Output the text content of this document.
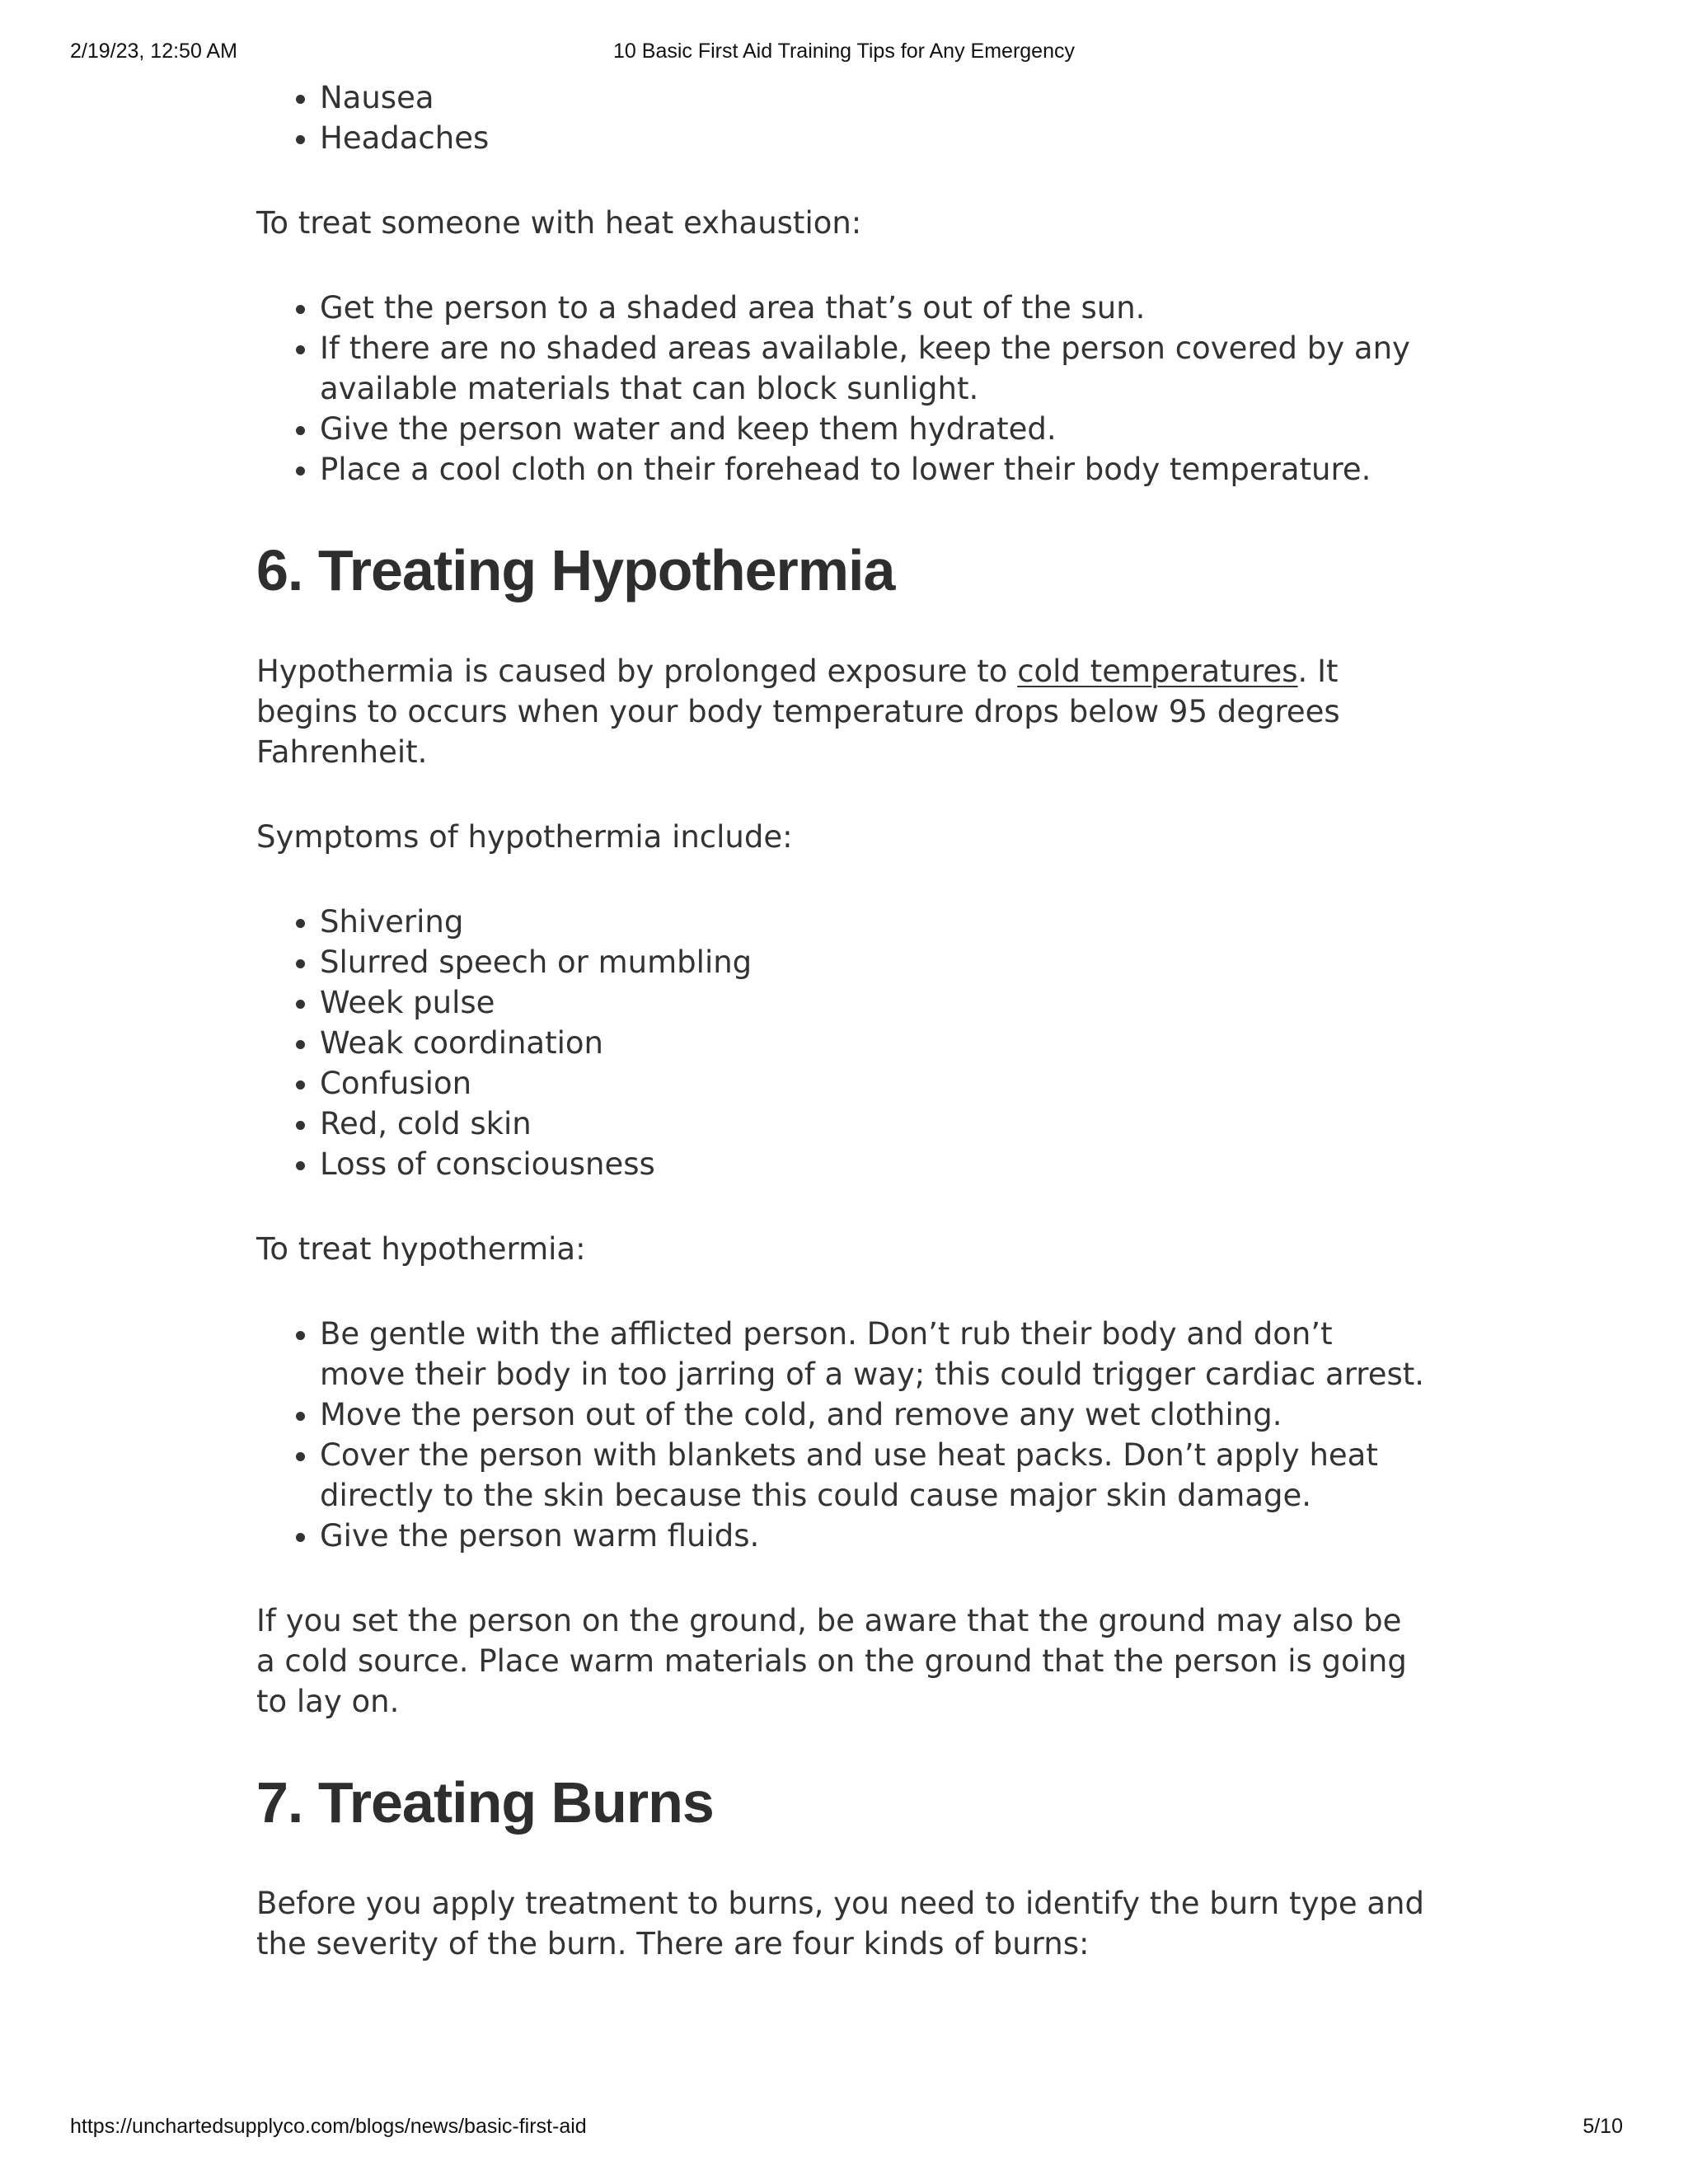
2/19/23, 12:50 AM	10 Basic First Aid Training Tips for Any Emergency
• Nausea
• Headaches

To treat someone with heat exhaustion:

• Get the person to a shaded area that’s out of the sun.
• If there are no shaded areas available, keep the person covered by any available materials that can block sunlight.
• Give the person water and keep them hydrated.
• Place a cool cloth on their forehead to lower their body temperature.
6. Treating Hypothermia

Hypothermia is caused by prolonged exposure to cold temperatures. It begins to occurs when your body temperature drops below 95 degrees Fahrenheit.

Symptoms of hypothermia include:

• Shivering
• Slurred speech or mumbling
• Week pulse
• Weak coordination
• Confusion
• Red, cold skin
• Loss of consciousness

To treat hypothermia:

• Be gentle with the afflicted person. Don’t rub their body and don’t move their body in too jarring of a way; this could trigger cardiac arrest.
• Move the person out of the cold, and remove any wet clothing.
• Cover the person with blankets and use heat packs. Don’t apply heat directly to the skin because this could cause major skin damage.
• Give the person warm fluids.

If you set the person on the ground, be aware that the ground may also be a cold source. Place warm materials on the ground that the person is going to lay on.

7. Treating Burns

Before you apply treatment to burns, you need to identify the burn type and the severity of the burn. There are four kinds of burns:

https://unchartedsupplyco.com/blogs/news/basic-first-aid	5/10
